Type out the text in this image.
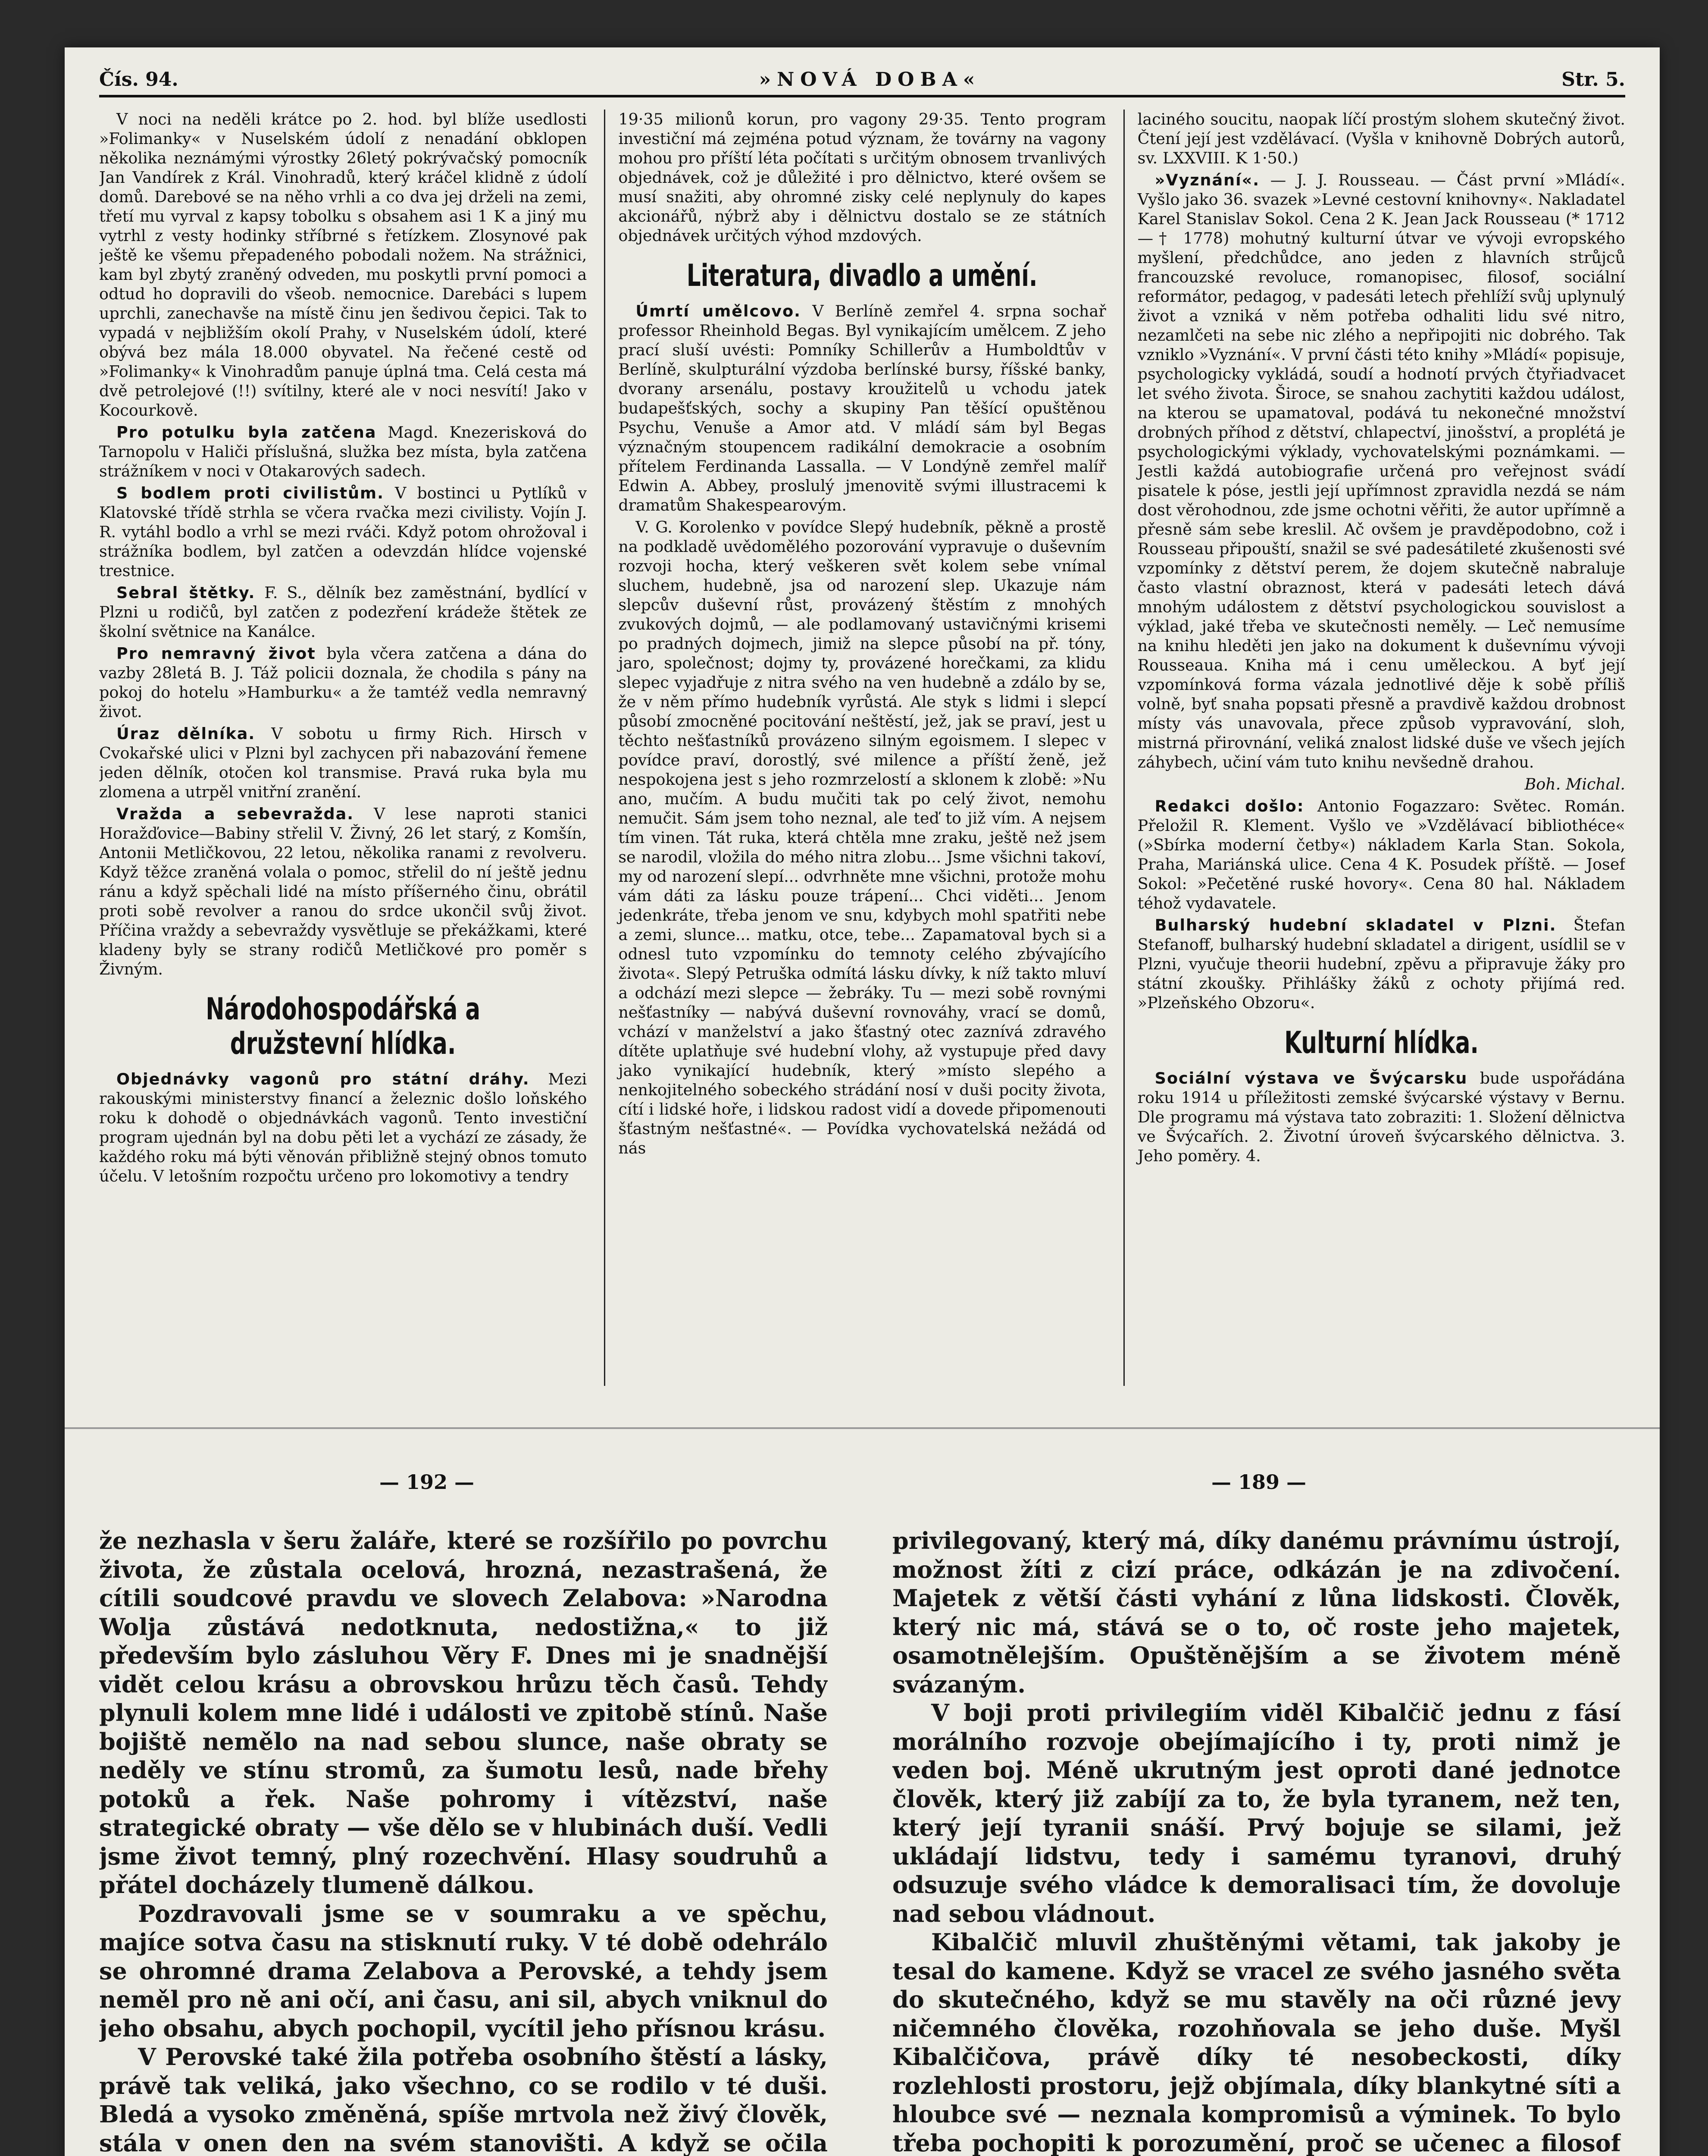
Čís. 94.	»NOVÁ DOBA«	Str. 5.

V noci na neděli krátce po 2. hod. byl blíže usedlosti »Folimanky« v Nuselském údolí z nenadání obklopen několika neznámými výrostky 26letý pokrývačský pomocník Jan Vandírek z Král. Vinohradů, který kráčel klidně z údolí domů. Darebové se na něho vrhli a co dva jej drželi na zemi, třetí mu vyrval z kapsy tobolku s obsahem asi 1 K a jiný mu vytrhl z vesty hodinky stříbrné s řetízkem. Zlosynové pak ještě ke všemu přepadeného pobodali nožem. Na strážnici, kam byl zbytý zraněný odveden, mu poskytli první pomoci a odtud ho dopravili do všeob. nemocnice. Darebáci s lupem uprchli, zanechavše na místě činu jen šedivou čepici. Tak to vypadá v nejbližším okolí Prahy, v Nuselském údolí, které obývá bez mála 18.000 obyvatel. Na řečené cestě od »Folimanky« k Vinohradům panuje úplná tma. Celá cesta má dvě petrolejové (!!) svítilny, které ale v noci nesvítí! Jako v Kocourkově.

Pro potulku byla zatčena Magd. Knezerisková do Tarnopolu v Haliči příslušná, služka bez místa, byla zatčena strážníkem v noci v Otakarových sadech.

S bodlem proti civilistům. V bostinci u Pytlíků v Klatovské třídě strhla se včera rvačka mezi civilisty. Vojín J. R. vytáhl bodlo a vrhl se mezi rváči. Když potom ohrožoval i strážníka bodlem, byl zatčen a odevzdán hlídce vojenské trestnice.

Sebral štětky. F. S., dělník bez zaměstnání, bydlící v Plzni u rodičů, byl zatčen z podezření krádeže štětek ze školní světnice na Kanálce.

Pro nemravný život byla včera zatčena a dána do vazby 28letá B. J. Táž policii doznala, že chodila s pány na pokoj do hotelu »Hamburku« a že tamtéž vedla nemravný život.

Úraz dělníka. V sobotu u firmy Rich. Hirsch v Cvokařské ulici v Plzni byl zachycen při nabazování řemene jeden dělník, otočen kol transmise. Pravá ruka byla mu zlomena a utrpěl vnitřní zranění.

Vražda a sebevražda. V lese naproti stanici Horažďovice—Babiny střelil V. Živný, 26 let starý, z Komšín, Antonii Metličkovou, 22 letou, několika ranami z revolveru. Když těžce zraněná volala o pomoc, střelil do ní ještě jednu ránu a když spěchali lidé na místo příšerného činu, obrátil proti sobě revolver a ranou do srdce ukončil svůj život. Příčina vraždy a sebevraždy vysvětluje se překážkami, které kladeny byly se strany rodičů Metličkové pro poměr s Živným.

Národohospodářská a družstevní hlídka.

Objednávky vagonů pro státní dráhy. Mezi rakouskými ministerstvy financí a železnic došlo loňského roku k dohodě o objednávkách vagonů. Tento investiční program ujednán byl na dobu pěti let a vychází ze zásady, že každého roku má býti věnován přibližně stejný obnos tomuto účelu. V letošním rozpočtu určeno pro lokomotivy a tendry

19·35 milionů korun, pro vagony 29·35. Tento program investiční má zejména potud význam, že továrny na vagony mohou pro příští léta počítati s určitým obnosem trvanlivých objednávek, což je důležité i pro dělnictvo, které ovšem se musí snažiti, aby ohromné zisky celé neplynuly do kapes akcionářů, nýbrž aby i dělnictvu dostalo se ze státních objednávek určitých výhod mzdových.

Literatura, divadlo a umění.

Úmrtí umělcovo. V Berlíně zemřel 4. srpna sochař professor Rheinhold Begas. Byl vynikajícím umělcem. Z jeho prací sluší uvésti: Pomníky Schillerův a Humboldtův v Berlíně, skulpturální výzdoba berlínské bursy, říšské banky, dvorany arsenálu, postavy kroužitelů u vchodu jatek budapešťských, sochy a skupiny Pan těšící opuštěnou Psychu, Venuše a Amor atd. V mládí sám byl Begas význačným stoupencem radikální demokracie a osobním přítelem Ferdinanda Lassalla. — V Londýně zemřel malíř Edwin A. Abbey, proslulý jmenovitě svými illustracemi k dramatům Shakespearovým.

V. G. Korolenko v povídce Slepý hudebník, pěkně a prostě na podkladě uvědomělého pozorování vypravuje o duševním rozvoji hocha, který veškeren svět kolem sebe vnímal sluchem, hudebně, jsa od narození slep. Ukazuje nám slepcův duševní růst, provázený štěstím z mnohých zvukových dojmů, — ale podlamovaný ustavičnými krisemi po pradných dojmech, jimiž na slepce působí na př. tóny, jaro, společnost; dojmy ty, provázené horečkami, za klidu slepec vyjadřuje z nitra svého na ven hudebně a zdálo by se, že v něm přímo hudebník vyrůstá. Ale styk s lidmi i slepcí působí zmocněné pocitování neštěstí, jež, jak se praví, jest u těchto nešťastníků provázeno silným egoismem. I slepec v povídce praví, dorostlý, své milence a příští ženě, jež nespokojena jest s jeho rozmrzelostí a sklonem k zlobě: »Nu ano, mučím. A budu mučiti tak po celý život, nemohu nemučit. Sám jsem toho neznal, ale teď to již vím. A nejsem tím vinen. Tát ruka, která chtěla mne zraku, ještě než jsem se narodil, vložila do mého nitra zlobu... Jsme všichni takoví, my od narození slepí... odvrhněte mne všichni, protože mohu vám dáti za lásku pouze trápení... Chci viděti... Jenom jedenkráte, třeba jenom ve snu, kdybych mohl spatřiti nebe a zemi, slunce... matku, otce, tebe... Zapamatoval bych si a odnesl tuto vzpomínku do temnoty celého zbývajícího života«. Slepý Petruška odmítá lásku dívky, k níž takto mluví a odchází mezi slepce — žebráky. Tu — mezi sobě rovnými nešťastníky — nabývá duševní rovnováhy, vrací se domů, vchází v manželství a jako šťastný otec zaznívá zdravého dítěte uplatňuje své hudební vlohy, až vystupuje před davy jako vynikající hudebník, který »místo slepého a nenkojitelného sobeckého strádání nosí v duši pocity života, cítí i lidské hoře, i lidskou radost vidí a dovede připomenouti šťastným nešťastné«. — Povídka vychovatelská nežádá od nás

laciného soucitu, naopak líčí prostým slohem skutečný život. Čtení její jest vzdělávací. (Vyšla v knihovně Dobrých autorů, sv. LXXVIII. K 1·50.)

»Vyznání«. — J. J. Rousseau. — Část první »Mládí«. Vyšlo jako 36. svazek »Levné cestovní knihovny«. Nakladatel Karel Stanislav Sokol. Cena 2 K. Jean Jack Rousseau (* 1712—† 1778) mohutný kulturní útvar ve vývoji evropského myšlení, předchůdce, ano jeden z hlavních strůjců francouzské revoluce, romanopisec, filosof, sociální reformátor, pedagog, v padesáti letech přehlíží svůj uplynulý život a vzniká v něm potřeba odhaliti lidu své nitro, nezamlčeti na sebe nic zlého a nepřipojiti nic dobrého. Tak vzniklo »Vyznání«. V první části této knihy »Mládí« popisuje, psychologicky vykládá, soudí a hodnotí prvých čtyřiadvacet let svého života. Široce, se snahou zachytiti každou událost, na kterou se upamatoval, podává tu nekonečné množství drobných příhod z dětství, chlapectví, jinošství, a proplétá je psychologickými výklady, vychovatelskými poznámkami. — Jestli každá autobiografie určená pro veřejnost svádí pisatele k póse, jestli její upřímnost zpravidla nezdá se nám dost věrohodnou, zde jsme ochotni věřiti, že autor upřímně a přesně sám sebe kreslil. Ač ovšem je pravděpodobno, což i Rousseau připouští, snažil se své padesátileté zkušenosti své vzpomínky z dětství perem, že dojem skutečně nabraluje často vlastní obraznost, která v padesáti letech dává mnohým událostem z dětství psychologickou souvislost a výklad, jaké třeba ve skutečnosti neměly. — Leč nemusíme na knihu hleděti jen jako na dokument k duševnímu vývoji Rousseaua. Kniha má i cenu uměleckou. A byť její vzpomínková forma vázala jednotlivé děje k sobě příliš volně, byť snaha popsati přesně a pravdivě každou drobnost místy vás unavovala, přece způsob vypravování, sloh, mistrná přirovnání, veliká znalost lidské duše ve všech jejích záhybech, učiní vám tuto knihu nevšedně drahou.

Boh. Michal.

Redakci došlo: Antonio Fogazzaro: Světec. Román. Přeložil R. Klement. Vyšlo ve »Vzdělávací bibliothéce« (»Sbírka moderní četby«) nákladem Karla Stan. Sokola, Praha, Mariánská ulice. Cena 4 K. Posudek příště. — Josef Sokol: »Pečetěné ruské hovory«. Cena 80 hal. Nákladem téhož vydavatele.

Bulharský hudební skladatel v Plzni. Štefan Stefanoff, bulharský hudební skladatel a dirigent, usídlil se v Plzni, vyučuje theorii hudební, zpěvu a připravuje žáky pro státní zkoušky. Přihlášky žáků z ochoty přijímá red. »Plzeňského Obzoru«.

Kulturní hlídka.

Sociální výstava ve Švýcarsku bude uspořádána roku 1914 u příležitosti zemské švýcarské výstavy v Bernu. Dle programu má výstava tato zobraziti: 1. Složení dělnictva ve Švýcařích. 2. Životní úroveň švýcarského dělnictva. 3. Jeho poměry. 4.

— 192 —	— 189 —

že nezhasla v šeru žaláře, které se rozšířilo po povrchu života, že zůstala ocelová, hrozná, nezastrašená, že cítili soudcové pravdu ve slovech Zelabova: »Narodna Wolja zůstává nedotknuta, nedostižna,« to již především bylo zásluhou Věry F. Dnes mi je snadnější vidět celou krásu a obrovskou hrůzu těch časů. Tehdy plynuli kolem mne lidé i události ve zpitobě stínů. Naše bojiště nemělo na nad sebou slunce, naše obraty se neděly ve stínu stromů, za šumotu lesů, nade břehy potoků a řek. Naše pohromy i vítězství, naše strategické obraty — vše dělo se v hlubinách duší. Vedli jsme život temný, plný rozechvění. Hlasy soudruhů a přátel docházely tlumeně dálkou.

Pozdravovali jsme se v soumraku a ve spěchu, majíce sotva času na stisknutí ruky. V té době odehrálo se ohromné drama Zelabova a Perovské, a tehdy jsem neměl pro ně ani očí, ani času, ani sil, abych vniknul do jeho obsahu, abych pochopil, vycítil jeho přísnou krásu.

V Perovské také žila potřeba osobního štěstí a lásky, právě tak veliká, jako všechno, co se rodilo v té duši. Bledá a vysoko změněná, spíše mrtvola než živý člověk, stála v onen den na svém stanovišti. A když se očila

privilegovaný, který má, díky danému právnímu ústrojí, možnost žíti z cizí práce, odkázán je na zdivočení. Majetek z větší části vyhání z lůna lidskosti. Člověk, který nic má, stává se o to, oč roste jeho majetek, osamotnělejším. Opuštěnějším a se životem méně svázaným.

V boji proti privilegiím viděl Kibalčič jednu z fásí morálního rozvoje obejímajícího i ty, proti nimž je veden boj. Méně ukrutným jest oproti dané jednotce člověk, který již zabíjí za to, že byla tyranem, než ten, který její tyranii snáší. Prvý bojuje se silami, jež ukládají lidstvu, tedy i samému tyranovi, druhý odsuzuje svého vládce k demoralisaci tím, že dovoluje nad sebou vládnout.

Kibalčič mluvil zhuštěnými větami, tak jakoby je tesal do kamene. Když se vracel ze svého jasného světa do skutečného, když se mu stavěly na oči různé jevy ničemného člověka, rozohňovala se jeho duše. Myšl Kibalčičova, právě díky té nesobeckosti, díky rozlehlosti prostoru, jejž objímala, díky blankytné síti a hloubce své — neznala kompromisů a výminek. To bylo třeba pochopiti k porozumění, proč se učenec a filosof
